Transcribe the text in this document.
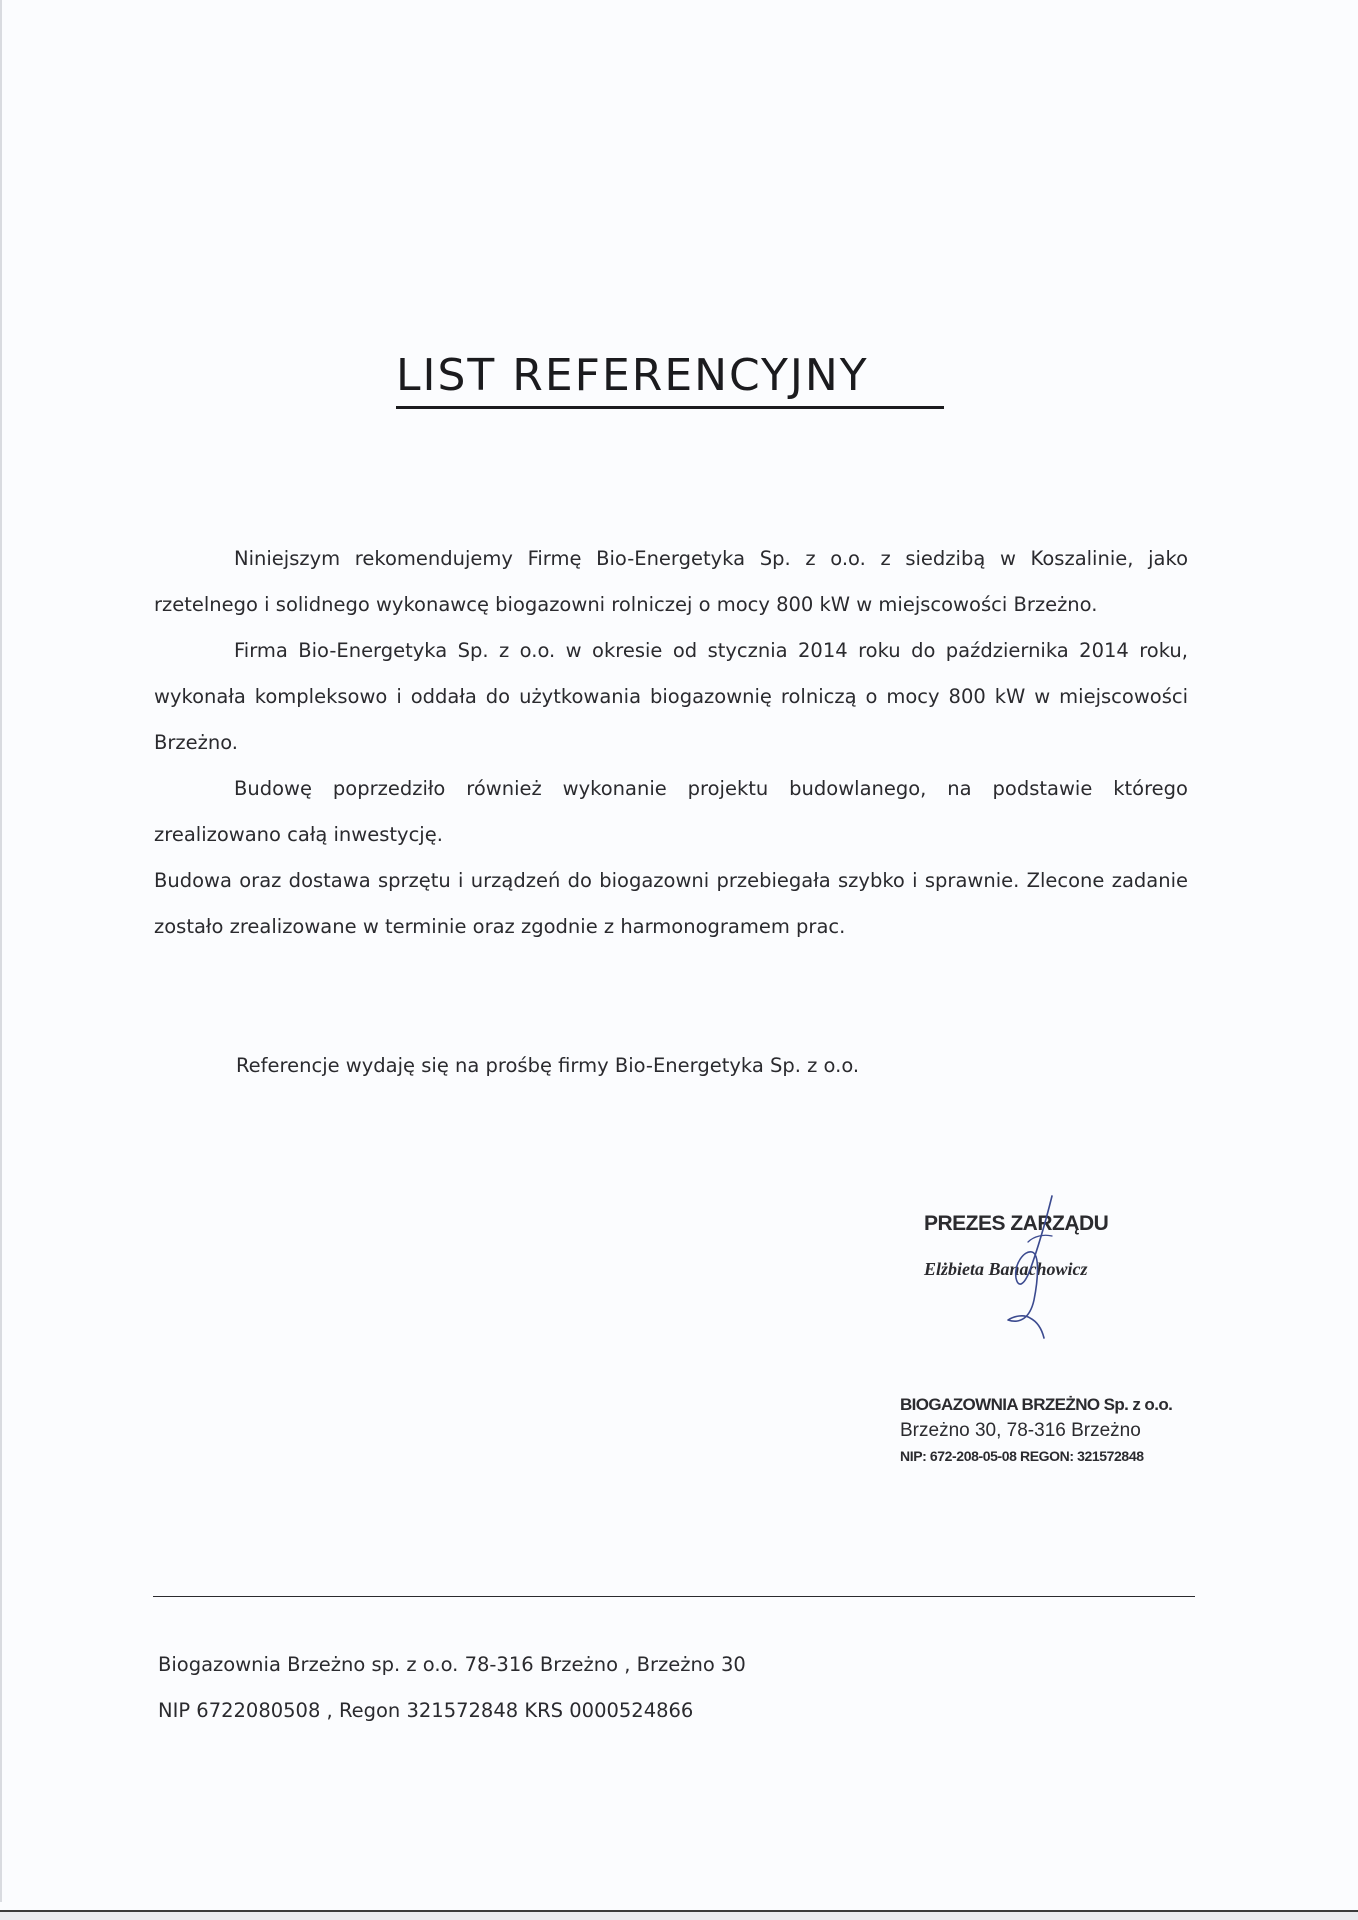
LIST REFERENCYJNY

Niniejszym rekomendujemy Firmę Bio-Energetyka Sp. z o.o. z siedzibą w Koszalinie, jako rzetelnego i solidnego wykonawcę biogazowni rolniczej o mocy 800 kW w miejscowości Brzeżno.

Firma Bio-Energetyka Sp. z o.o. w okresie od stycznia 2014 roku do października 2014 roku, wykonała kompleksowo i oddała do użytkowania biogazownię rolniczą o mocy 800 kW w miejscowości Brzeżno.

Budowę poprzedziło również wykonanie projektu budowlanego, na podstawie którego zrealizowano całą inwestycję.

Budowa oraz dostawa sprzętu i urządzeń do biogazowni przebiegała szybko i sprawnie. Zlecone zadanie zostało zrealizowane w terminie oraz zgodnie z harmonogramem prac.

Referencje wydaję się na prośbę firmy Bio-Energetyka Sp. z o.o.

PREZES ZARZĄDU

Elżbieta Banachowicz

BIOGAZOWNIA BRZEŻNO Sp. z o.o.

Brzeżno 30, 78-316 Brzeżno

NIP: 672-208-05-08 REGON: 321572848

Biogazownia Brzeżno sp. z o.o. 78-316 Brzeżno , Brzeżno 30

NIP 6722080508 , Regon 321572848 KRS 0000524866
